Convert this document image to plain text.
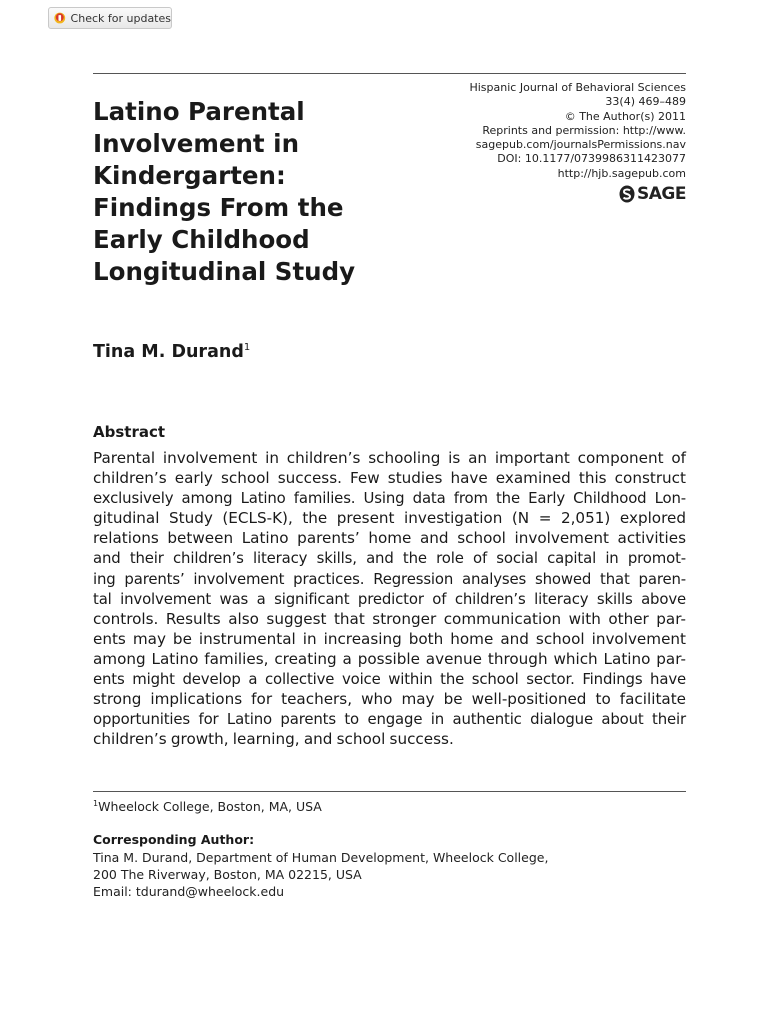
Check for updates
Latino Parental Involvement in Kindergarten: Findings From the Early Childhood Longitudinal Study
Hispanic Journal of Behavioral Sciences
33(4) 469–489
© The Author(s) 2011
Reprints and permission: http://www.
sagepub.com/journalsPermissions.nav
DOI: 10.1177/0739986311423077
http://hjb.sagepub.com
SAGE

Tina M. Durand$^1$

Abstract
Parental involvement in children’s schooling is an important component of
children’s early school success. Few studies have examined this construct
exclusively among Latino families. Using data from the Early Childhood Lon-
gitudinal Study (ECLS-K), the present investigation (N = 2,051) explored
relations between Latino parents’ home and school involvement activities
and their children’s literacy skills, and the role of social capital in promot-
ing parents’ involvement practices. Regression analyses showed that paren-
tal involvement was a significant predictor of children’s literacy skills above
controls. Results also suggest that stronger communication with other par-
ents may be instrumental in increasing both home and school involvement
among Latino families, creating a possible avenue through which Latino par-
ents might develop a collective voice within the school sector. Findings have
strong implications for teachers, who may be well-positioned to facilitate
opportunities for Latino parents to engage in authentic dialogue about their
children’s growth, learning, and school success.
$^1$Wheelock College, Boston, MA, USA
Corresponding Author:
Tina M. Durand, Department of Human Development, Wheelock College,
200 The Riverway, Boston, MA 02215, USA
Email: tdurand@wheelock.edu
